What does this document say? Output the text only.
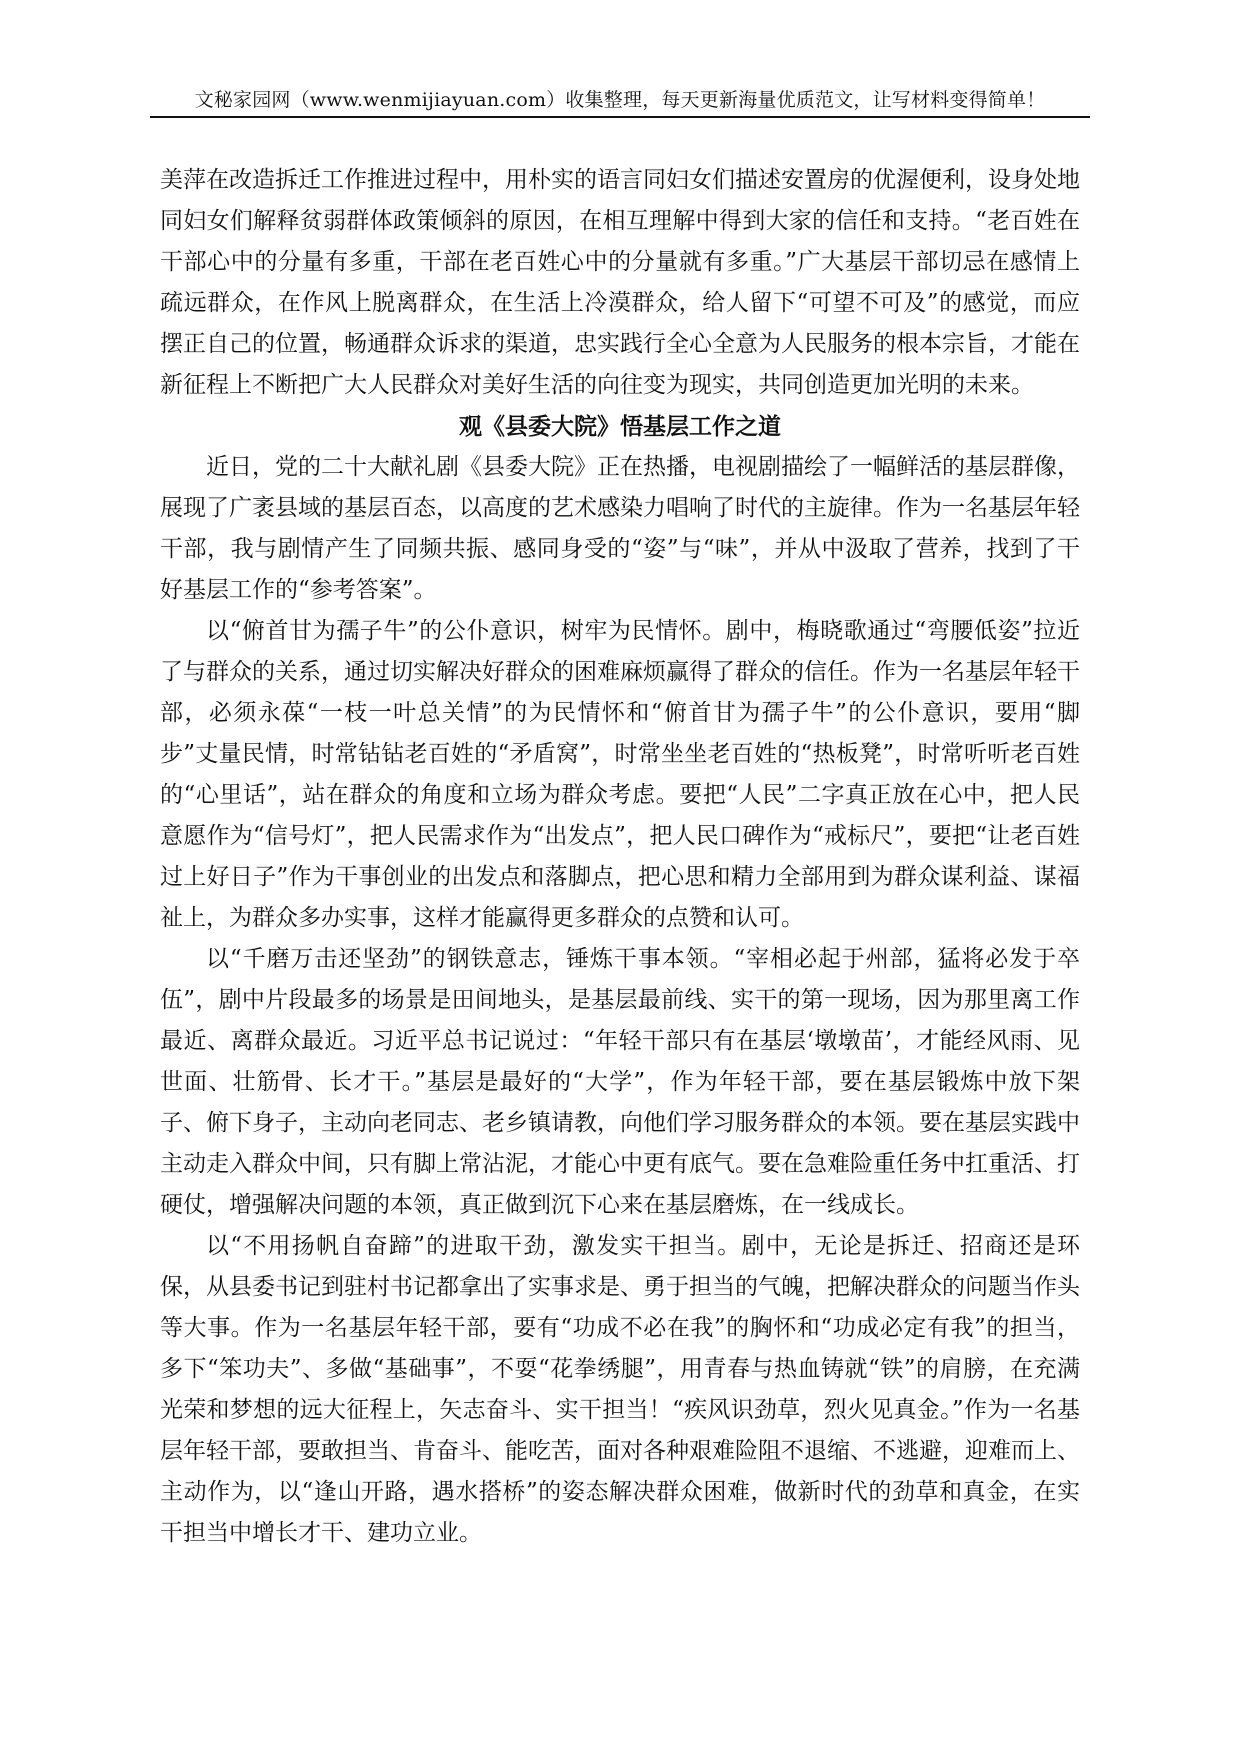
文秘家园网（www.wenmijiayuan.com）收集整理，每天更新海量优质范文，让写材料变得简单！

美萍在改造拆迁工作推进过程中，用朴实的语言同妇女们描述安置房的优渥便利，设身处地同妇女们解释贫弱群体政策倾斜的原因，在相互理解中得到大家的信任和支持。“老百姓在干部心中的分量有多重，干部在老百姓心中的分量就有多重。”广大基层干部切忌在感情上疏远群众，在作风上脱离群众，在生活上冷漠群众，给人留下“可望不可及”的感觉，而应摆正自己的位置，畅通群众诉求的渠道，忠实践行全心全意为人民服务的根本宗旨，才能在新征程上不断把广大人民群众对美好生活的向往变为现实，共同创造更加光明的未来。

观《县委大院》悟基层工作之道

近日，党的二十大献礼剧《县委大院》正在热播，电视剧描绘了一幅鲜活的基层群像，展现了广袤县域的基层百态，以高度的艺术感染力唱响了时代的主旋律。作为一名基层年轻干部，我与剧情产生了同频共振、感同身受的“姿”与“味”，并从中汲取了营养，找到了干好基层工作的“参考答案”。

以“俯首甘为孺子牛”的公仆意识，树牢为民情怀。剧中，梅晓歌通过“弯腰低姿”拉近了与群众的关系，通过切实解决好群众的困难麻烦赢得了群众的信任。作为一名基层年轻干部，必须永葆“一枝一叶总关情”的为民情怀和“俯首甘为孺子牛”的公仆意识，要用“脚步”丈量民情，时常钻钻老百姓的“矛盾窝”，时常坐坐老百姓的“热板凳”，时常听听老百姓的“心里话”，站在群众的角度和立场为群众考虑。要把“人民”二字真正放在心中，把人民意愿作为“信号灯”，把人民需求作为“出发点”，把人民口碑作为“戒标尺”，要把“让老百姓过上好日子”作为干事创业的出发点和落脚点，把心思和精力全部用到为群众谋利益、谋福祉上，为群众多办实事，这样才能赢得更多群众的点赞和认可。

以“千磨万击还坚劲”的钢铁意志，锤炼干事本领。“宰相必起于州部，猛将必发于卒伍”，剧中片段最多的场景是田间地头，是基层最前线、实干的第一现场，因为那里离工作最近、离群众最近。习近平总书记说过：“年轻干部只有在基层‘墩墩苗’，才能经风雨、见世面、壮筋骨、长才干。”基层是最好的“大学”，作为年轻干部，要在基层锻炼中放下架子、俯下身子，主动向老同志、老乡镇请教，向他们学习服务群众的本领。要在基层实践中主动走入群众中间，只有脚上常沾泥，才能心中更有底气。要在急难险重任务中扛重活、打硬仗，增强解决问题的本领，真正做到沉下心来在基层磨炼，在一线成长。

以“不用扬帆自奋蹄”的进取干劲，激发实干担当。剧中，无论是拆迁、招商还是环保，从县委书记到驻村书记都拿出了实事求是、勇于担当的气魄，把解决群众的问题当作头等大事。作为一名基层年轻干部，要有“功成不必在我”的胸怀和“功成必定有我”的担当，多下“笨功夫”、多做“基础事”，不耍“花拳绣腿”，用青春与热血铸就“铁”的肩膀，在充满光荣和梦想的远大征程上，矢志奋斗、实干担当！“疾风识劲草，烈火见真金。”作为一名基层年轻干部，要敢担当、肯奋斗、能吃苦，面对各种艰难险阻不退缩、不逃避，迎难而上、主动作为，以“逢山开路，遇水搭桥”的姿态解决群众困难，做新时代的劲草和真金，在实干担当中增长才干、建功立业。
